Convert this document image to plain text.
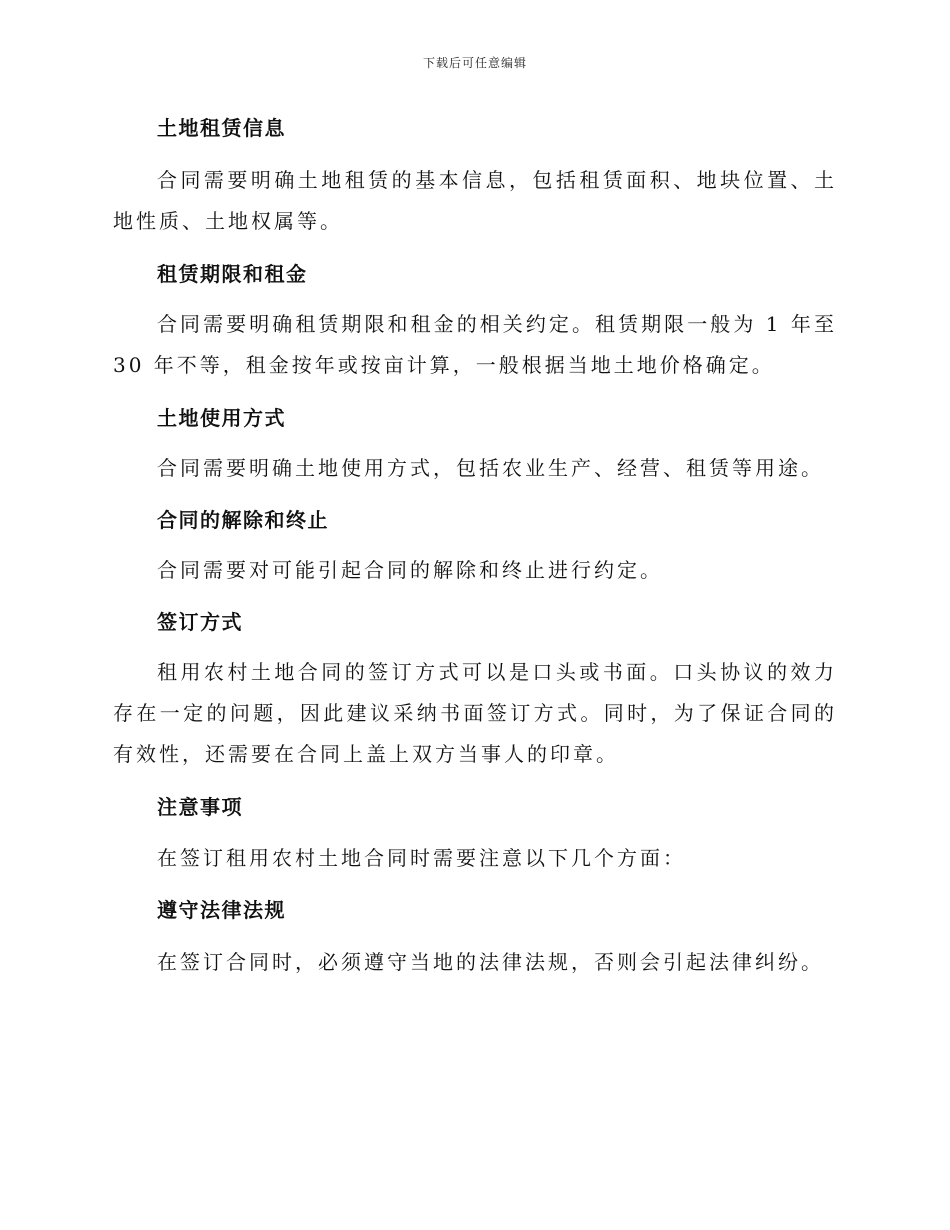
下载后可任意编辑
土地租赁信息

合同需要明确土地租赁的基本信息，包括租赁面积、地块位置、土地性质、土地权属等。

租赁期限和租金

合同需要明确租赁期限和租金的相关约定。租赁期限一般为 1 年至 30 年不等，租金按年或按亩计算，一般根据当地土地价格确定。

土地使用方式

合同需要明确土地使用方式，包括农业生产、经营、租赁等用途。

合同的解除和终止

合同需要对可能引起合同的解除和终止进行约定。

签订方式

租用农村土地合同的签订方式可以是口头或书面。口头协议的效力存在一定的问题，因此建议采纳书面签订方式。同时，为了保证合同的有效性，还需要在合同上盖上双方当事人的印章。

注意事项

在签订租用农村土地合同时需要注意以下几个方面：

遵守法律法规

在签订合同时，必须遵守当地的法律法规，否则会引起法律纠纷。
